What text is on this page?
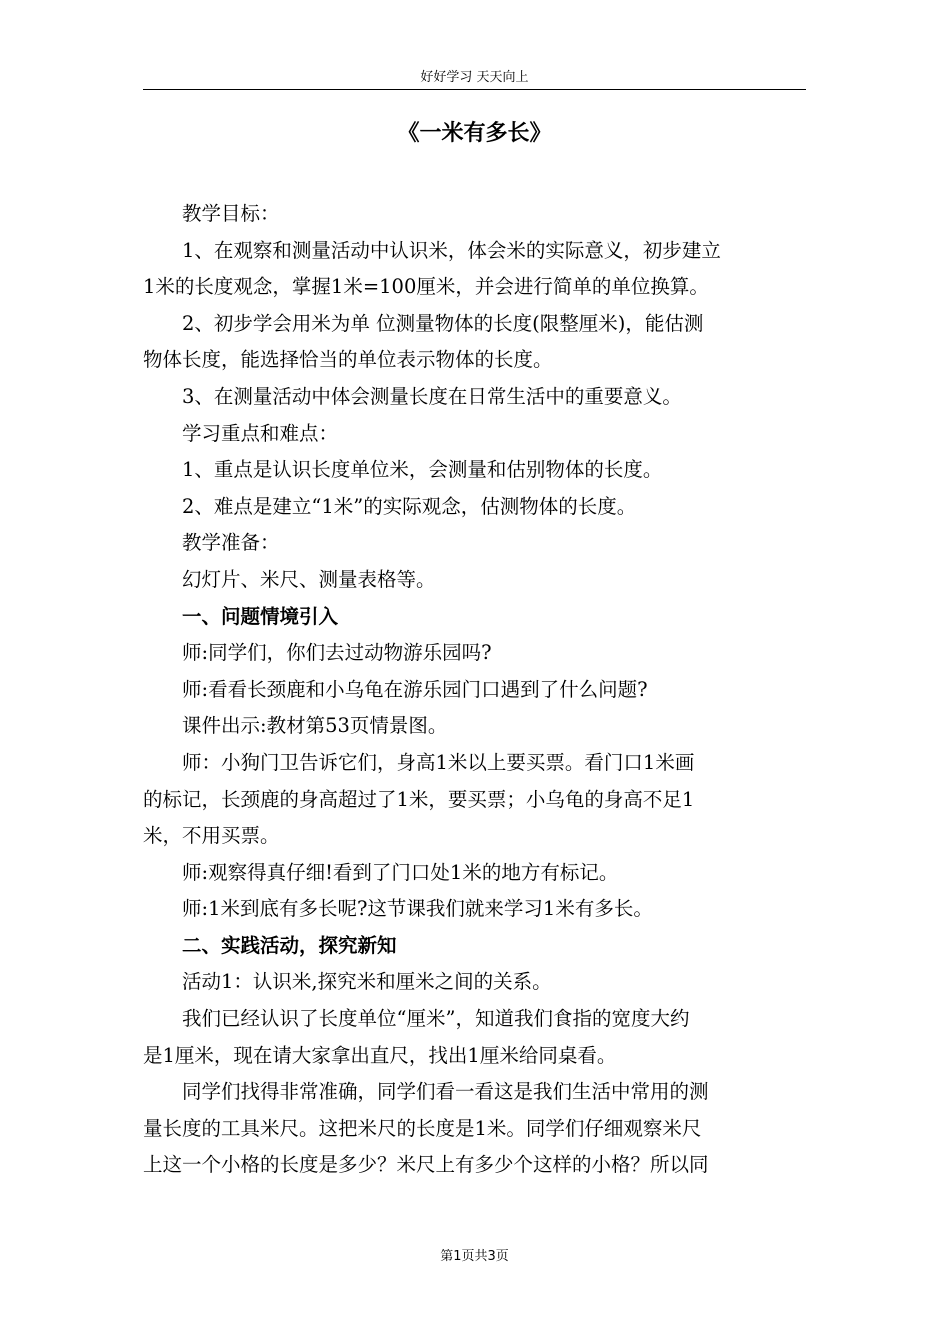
好好学习 天天向上
《一米有多长》
教学目标：
1、在观察和测量活动中认识米，体会米的实际意义，初步建立
1米的长度观念，掌握1米=100厘米，并会进行简单的单位换算。
2、初步学会用米为单 位测量物体的长度(限整厘米)，能估测
物体长度，能选择恰当的单位表示物体的长度。
3、在测量活动中体会测量长度在日常生活中的重要意义。
学习重点和难点：
1、重点是认识长度单位米，会测量和估别物体的长度。
2、难点是建立“1米”的实际观念，估测物体的长度。
教学准备：
幻灯片、米尺、测量表格等。
一、问题情境引入
师:同学们，你们去过动物游乐园吗?
师:看看长颈鹿和小乌龟在游乐园门口遇到了什么问题?
课件出示:教材第53页情景图。
师：小狗门卫告诉它们，身高1米以上要买票。看门口1米画
的标记，长颈鹿的身高超过了1米，要买票；小乌龟的身高不足1
米，不用买票。
师:观察得真仔细!看到了门口处1米的地方有标记。
师:1米到底有多长呢?这节课我们就来学习1米有多长。
二、实践活动，探究新知
活动1：认识米,探究米和厘米之间的关系。
我们已经认识了长度单位“厘米”，知道我们食指的宽度大约
是1厘米，现在请大家拿出直尺，找出1厘米给同桌看。
同学们找得非常准确，同学们看一看这是我们生活中常用的测
量长度的工具米尺。这把米尺的长度是1米。同学们仔细观察米尺
上这一个小格的长度是多少？米尺上有多少个这样的小格？所以同
第1页共3页
